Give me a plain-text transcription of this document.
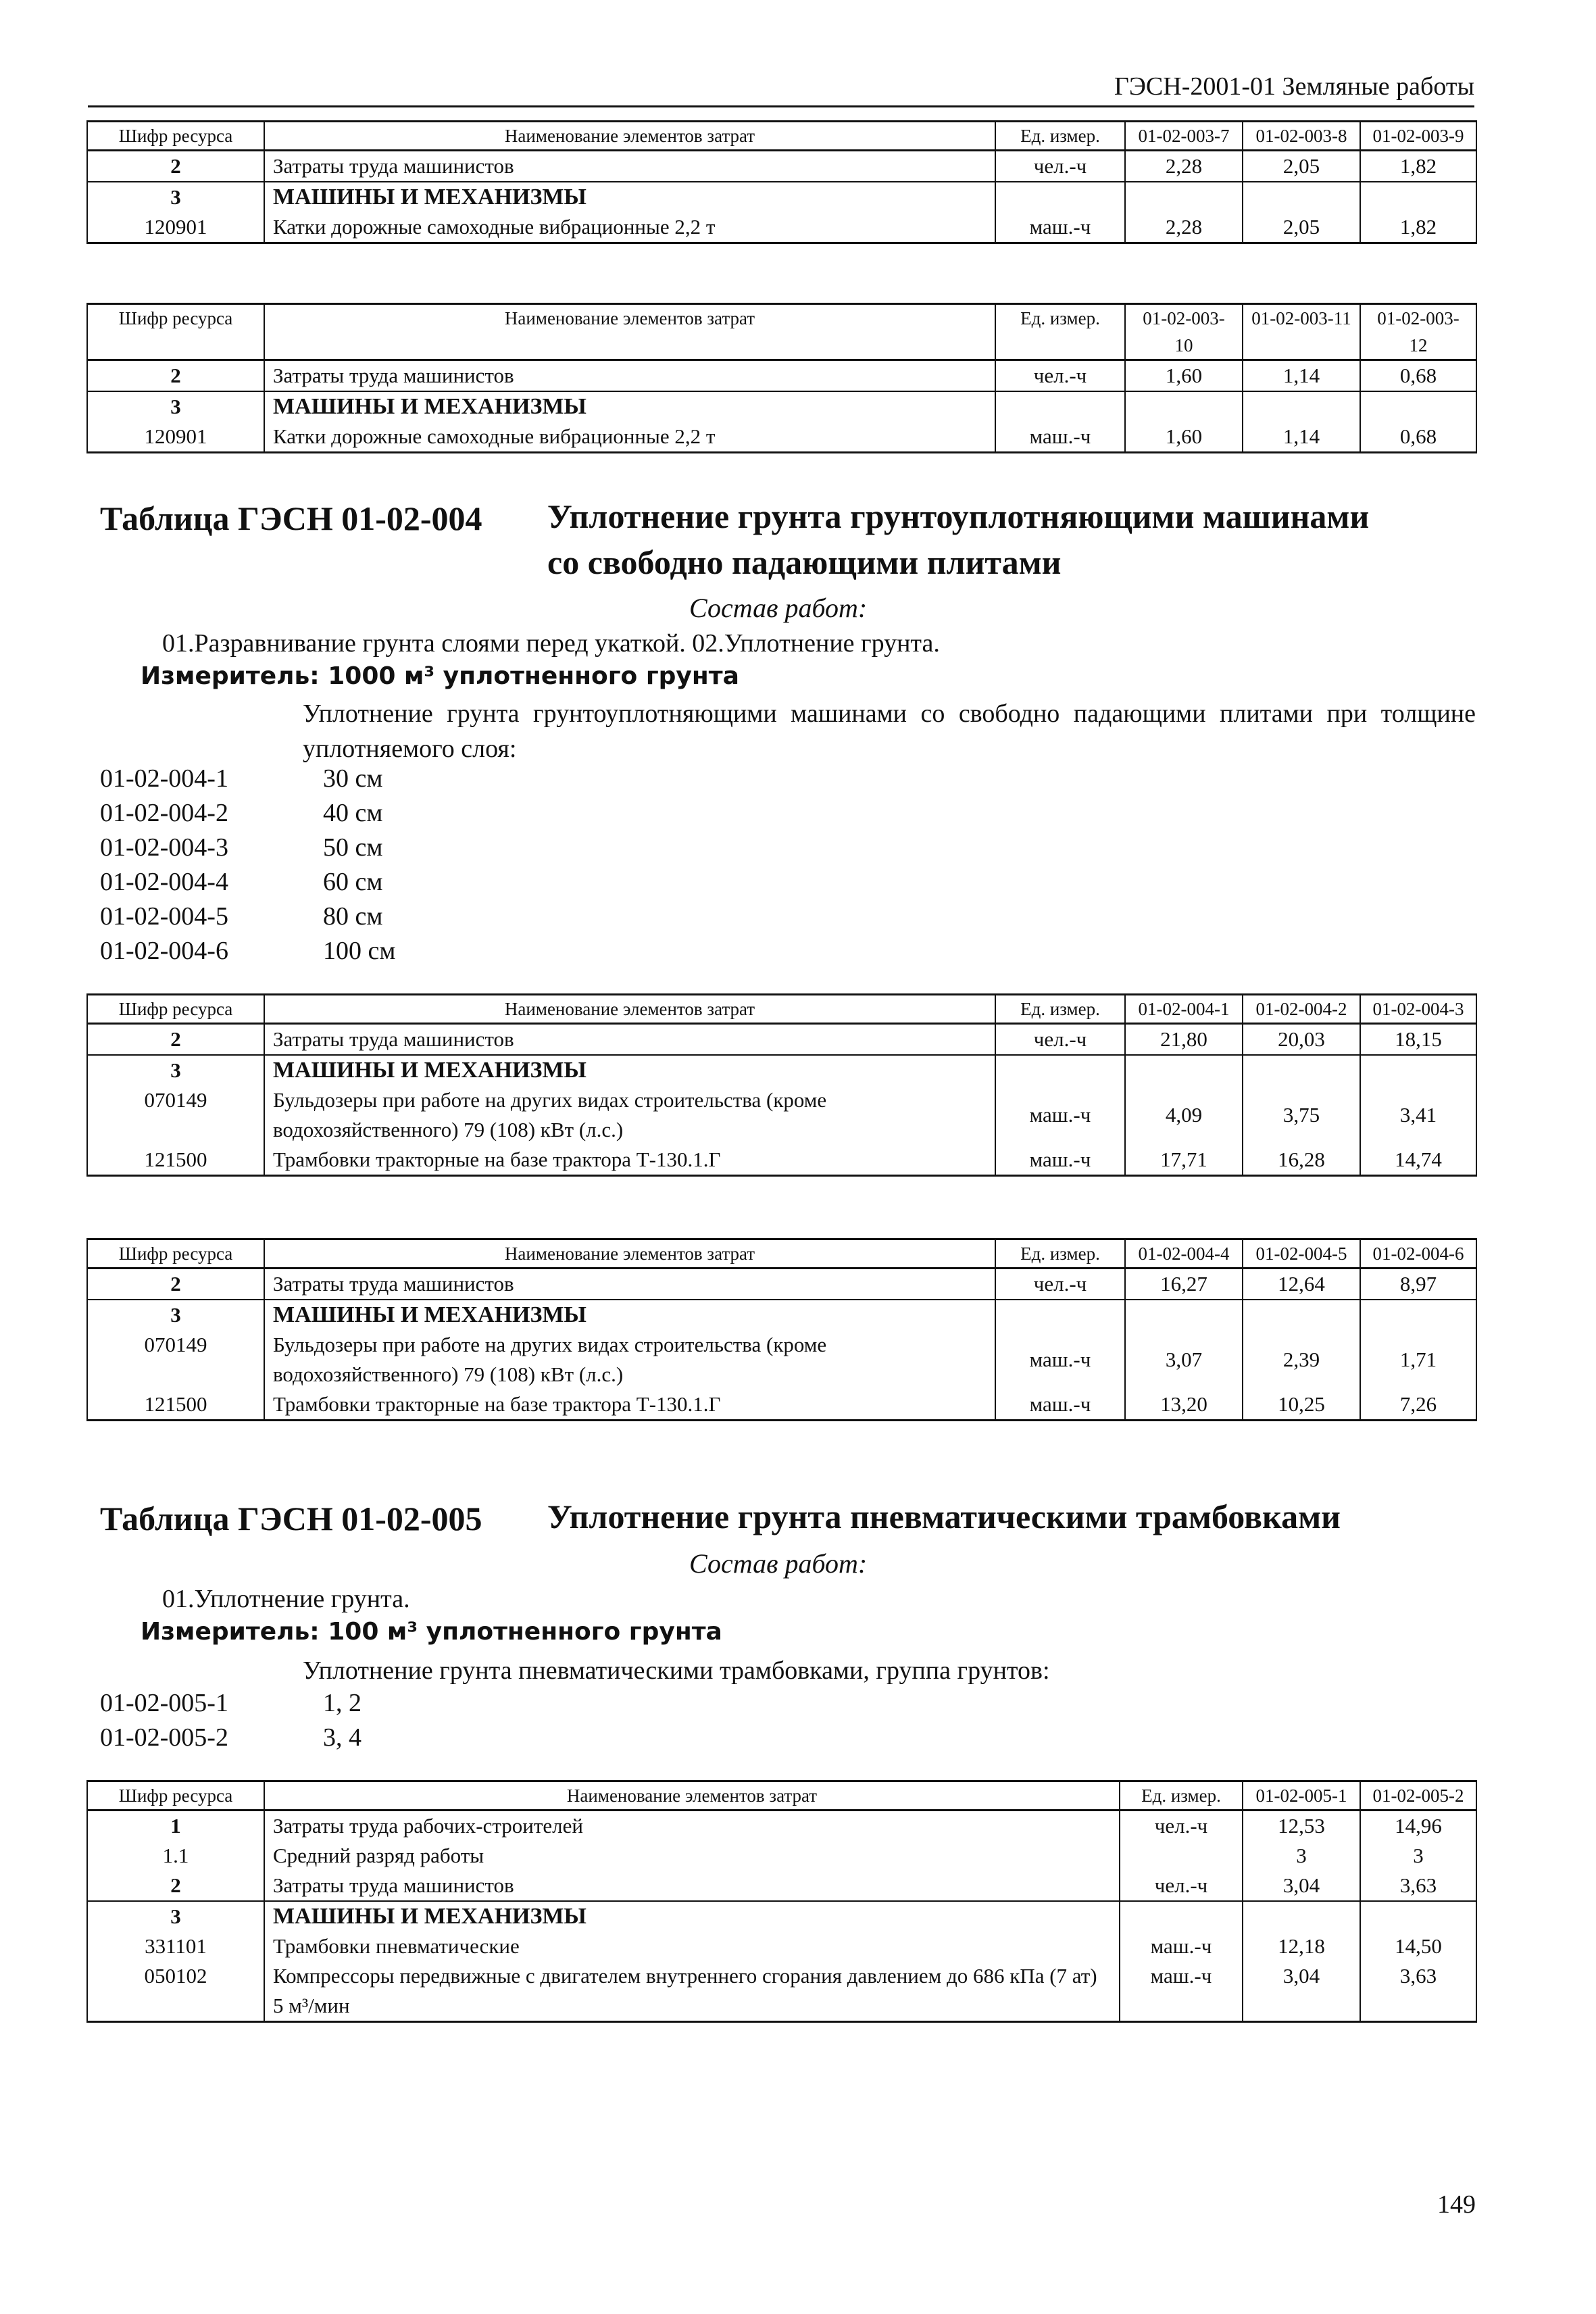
ГЭСН-2001-01 Земляные работы
Шифр ресурса	Наименование элементов затрат	Ед. измер.	01-02-003-7	01-02-003-8	01-02-003-9
2	Затраты труда машинистов	чел.-ч	2,28	2,05	1,82
3	МАШИНЫ И МЕХАНИЗМЫ				
120901	Катки дорожные самоходные вибрационные 2,2 т	маш.-ч	2,28	2,05	1,82
Шифр ресурса	Наименование элементов затрат	Ед. измер.	01-02-003-10	01-02-003-11	01-02-003-12
2	Затраты труда машинистов	чел.-ч	1,60	1,14	0,68
3	МАШИНЫ И МЕХАНИЗМЫ				
120901	Катки дорожные самоходные вибрационные 2,2 т	маш.-ч	1,60	1,14	0,68
Таблица ГЭСН 01-02-004 Уплотнение грунта грунтоуплотняющими машинами
со свободно падающими плитами
Состав работ:
01.Разравнивание грунта слоями перед укаткой. 02.Уплотнение грунта.
Измеритель: 1000 м³ уплотненного грунта
Уплотнение грунта грунтоуплотняющими машинами со свободно падающими плитами при толщине уплотняемого слоя:
01-02-004-1	30 см
01-02-004-2	40 см
01-02-004-3	50 см
01-02-004-4	60 см
01-02-004-5	80 см
01-02-004-6	100 см
Шифр ресурса	Наименование элементов затрат	Ед. измер.	01-02-004-1	01-02-004-2	01-02-004-3
2	Затраты труда машинистов	чел.-ч	21,80	20,03	18,15
3	МАШИНЫ И МЕХАНИЗМЫ				
070149	Бульдозеры при работе на других видах строительства (кроме водохозяйственного) 79 (108) кВт (л.с.)	маш.-ч	4,09	3,75	3,41
121500	Трамбовки тракторные на базе трактора Т-130.1.Г	маш.-ч	17,71	16,28	14,74
Шифр ресурса	Наименование элементов затрат	Ед. измер.	01-02-004-4	01-02-004-5	01-02-004-6
2	Затраты труда машинистов	чел.-ч	16,27	12,64	8,97
3	МАШИНЫ И МЕХАНИЗМЫ				
070149	Бульдозеры при работе на других видах строительства (кроме водохозяйственного) 79 (108) кВт (л.с.)	маш.-ч	3,07	2,39	1,71
121500	Трамбовки тракторные на базе трактора Т-130.1.Г	маш.-ч	13,20	10,25	7,26
Таблица ГЭСН 01-02-005 Уплотнение грунта пневматическими трамбовками
Состав работ:
01.Уплотнение грунта.
Измеритель: 100 м³ уплотненного грунта
Уплотнение грунта пневматическими трамбовками, группа грунтов:
01-02-005-1	1, 2
01-02-005-2	3, 4
Шифр ресурса	Наименование элементов затрат	Ед. измер.	01-02-005-1	01-02-005-2
1	Затраты труда рабочих-строителей	чел.-ч	12,53	14,96
1.1	Средний разряд работы		3	3
2	Затраты труда машинистов	чел.-ч	3,04	3,63
3	МАШИНЫ И МЕХАНИЗМЫ			
331101	Трамбовки пневматические	маш.-ч	12,18	14,50
050102	Компрессоры передвижные с двигателем внутреннего сгорания давлением до 686 кПа (7 ат) 5 м³/мин	маш.-ч	3,04	3,63
149
